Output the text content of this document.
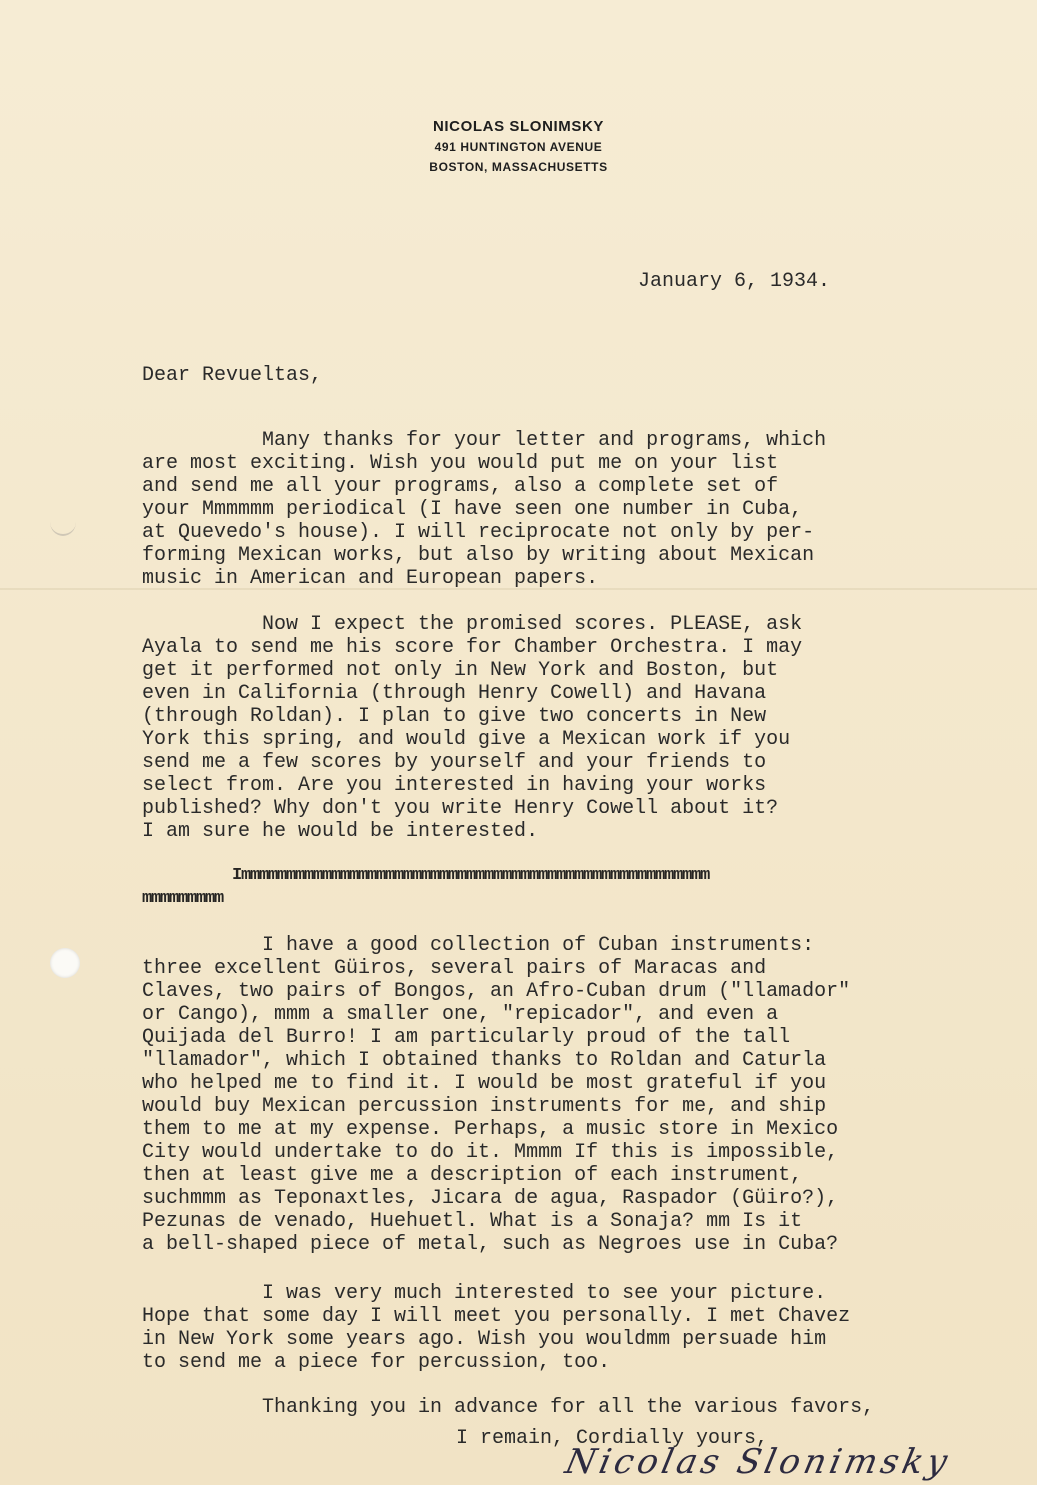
NICOLAS SLONIMSKY
491 HUNTINGTON AVENUE
BOSTON, MASSACHUSETTS
January 6, 1934.
Dear Revueltas,
Many thanks for your letter and programs, which
are most exciting. Wish you would put me on your list
and send me all your programs, also a complete set of
your Mmmmmm periodical (I have seen one number in Cuba,
at Quevedo's house). I will reciprocate not only by per-
forming Mexican works, but also by writing about Mexican
music in American and European papers.
Now I expect the promised scores. PLEASE, ask
Ayala to send me his score for Chamber Orchestra. I may
get it performed not only in New York and Boston, but
even in California (through Henry Cowell) and Havana
(through Roldan). I plan to give two concerts in New
York this spring, and would give a Mexican work if you
send me a few scores by yourself and your friends to
select from. Are you interested in having your works
published? Why don't you write Henry Cowell about it?
I am sure he would be interested.
Immmmmmmmmmmmmmmmmmmmmmmmmmmmmmmmmmmmmmmmmmmmmmmmmmmm
mmmmmmmmm
I have a good collection of Cuban instruments:
three excellent Güiros, several pairs of Maracas and
Claves, two pairs of Bongos, an Afro-Cuban drum ("llamador"
or Cango), mmm a smaller one, "repicador", and even a
Quijada del Burro! I am particularly proud of the tall
"llamador", which I obtained thanks to Roldan and Caturla
who helped me to find it. I would be most grateful if you
would buy Mexican percussion instruments for me, and ship
them to me at my expense. Perhaps, a music store in Mexico
City would undertake to do it. Mmmm If this is impossible,
then at least give me a description of each instrument,
suchmmm as Teponaxtles, Jicara de agua, Raspador (Güiro?),
Pezunas de venado, Huehuetl. What is a Sonaja? mm Is it
a bell-shaped piece of metal, such as Negroes use in Cuba?
I was very much interested to see your picture.
Hope that some day I will meet you personally. I met Chavez
in New York some years ago. Wish you wouldmm persuade him
to send me a piece for percussion, too.
Thanking you in advance for all the various favors,
I remain, Cordially yours,
Nicolas Slonimsky
